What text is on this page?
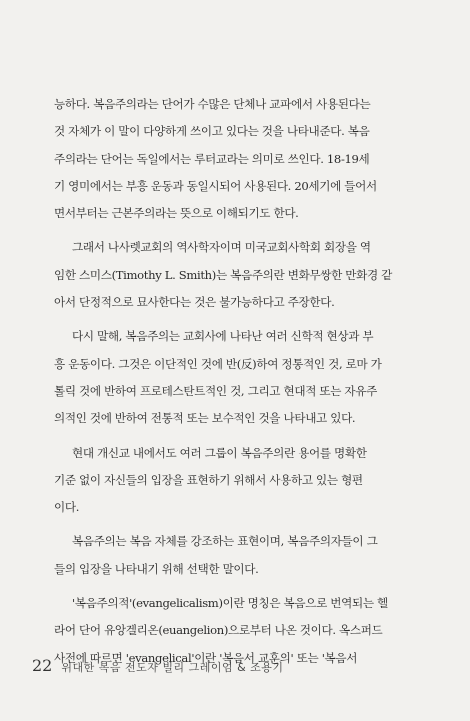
능하다. 복음주의라는 단어가 수많은 단체나 교파에서 사용된다는
것 자체가 이 말이 다양하게 쓰이고 있다는 것을 나타내준다. 복음
주의라는 단어는 독일에서는 루터교라는 의미로 쓰인다. 18-19세
기 영미에서는 부흥 운동과 동일시되어 사용된다. 20세기에 들어서
면서부터는 근본주의라는 뜻으로 이해되기도 한다.

그래서 나사렛교회의 역사학자이며 미국교회사학회 회장을 역
임한 스미스(Timothy L. Smith)는 복음주의란 변화무쌍한 만화경 같
아서 단정적으로 묘사한다는 것은 불가능하다고 주장한다.

다시 말해, 복음주의는 교회사에 나타난 여러 신학적 현상과 부
흥 운동이다. 그것은 이단적인 것에 반(反)하여 정통적인 것, 로마 가
톨릭 것에 반하여 프로테스탄트적인 것, 그리고 현대적 또는 자유주
의적인 것에 반하여 전통적 또는 보수적인 것을 나타내고 있다.

현대 개신교 내에서도 여러 그룹이 복음주의란 용어를 명확한
기준 없이 자신들의 입장을 표현하기 위해서 사용하고 있는 형편
이다.

복음주의는 복음 자체를 강조하는 표현이며, 복음주의자들이 그
들의 입장을 나타내기 위해 선택한 말이다.

'복음주의적'(evangelicalism)이란 명칭은 복음으로 번역되는 헬
라어 단어 유앙겔리온(euangelion)으로부터 나온 것이다. 옥스퍼드
사전에 따르면 'evangelical'이란 '복음서 교훈의' 또는 '복음서

22 위대한 복음 전도자 빌리 그레이엄 & 조용기
